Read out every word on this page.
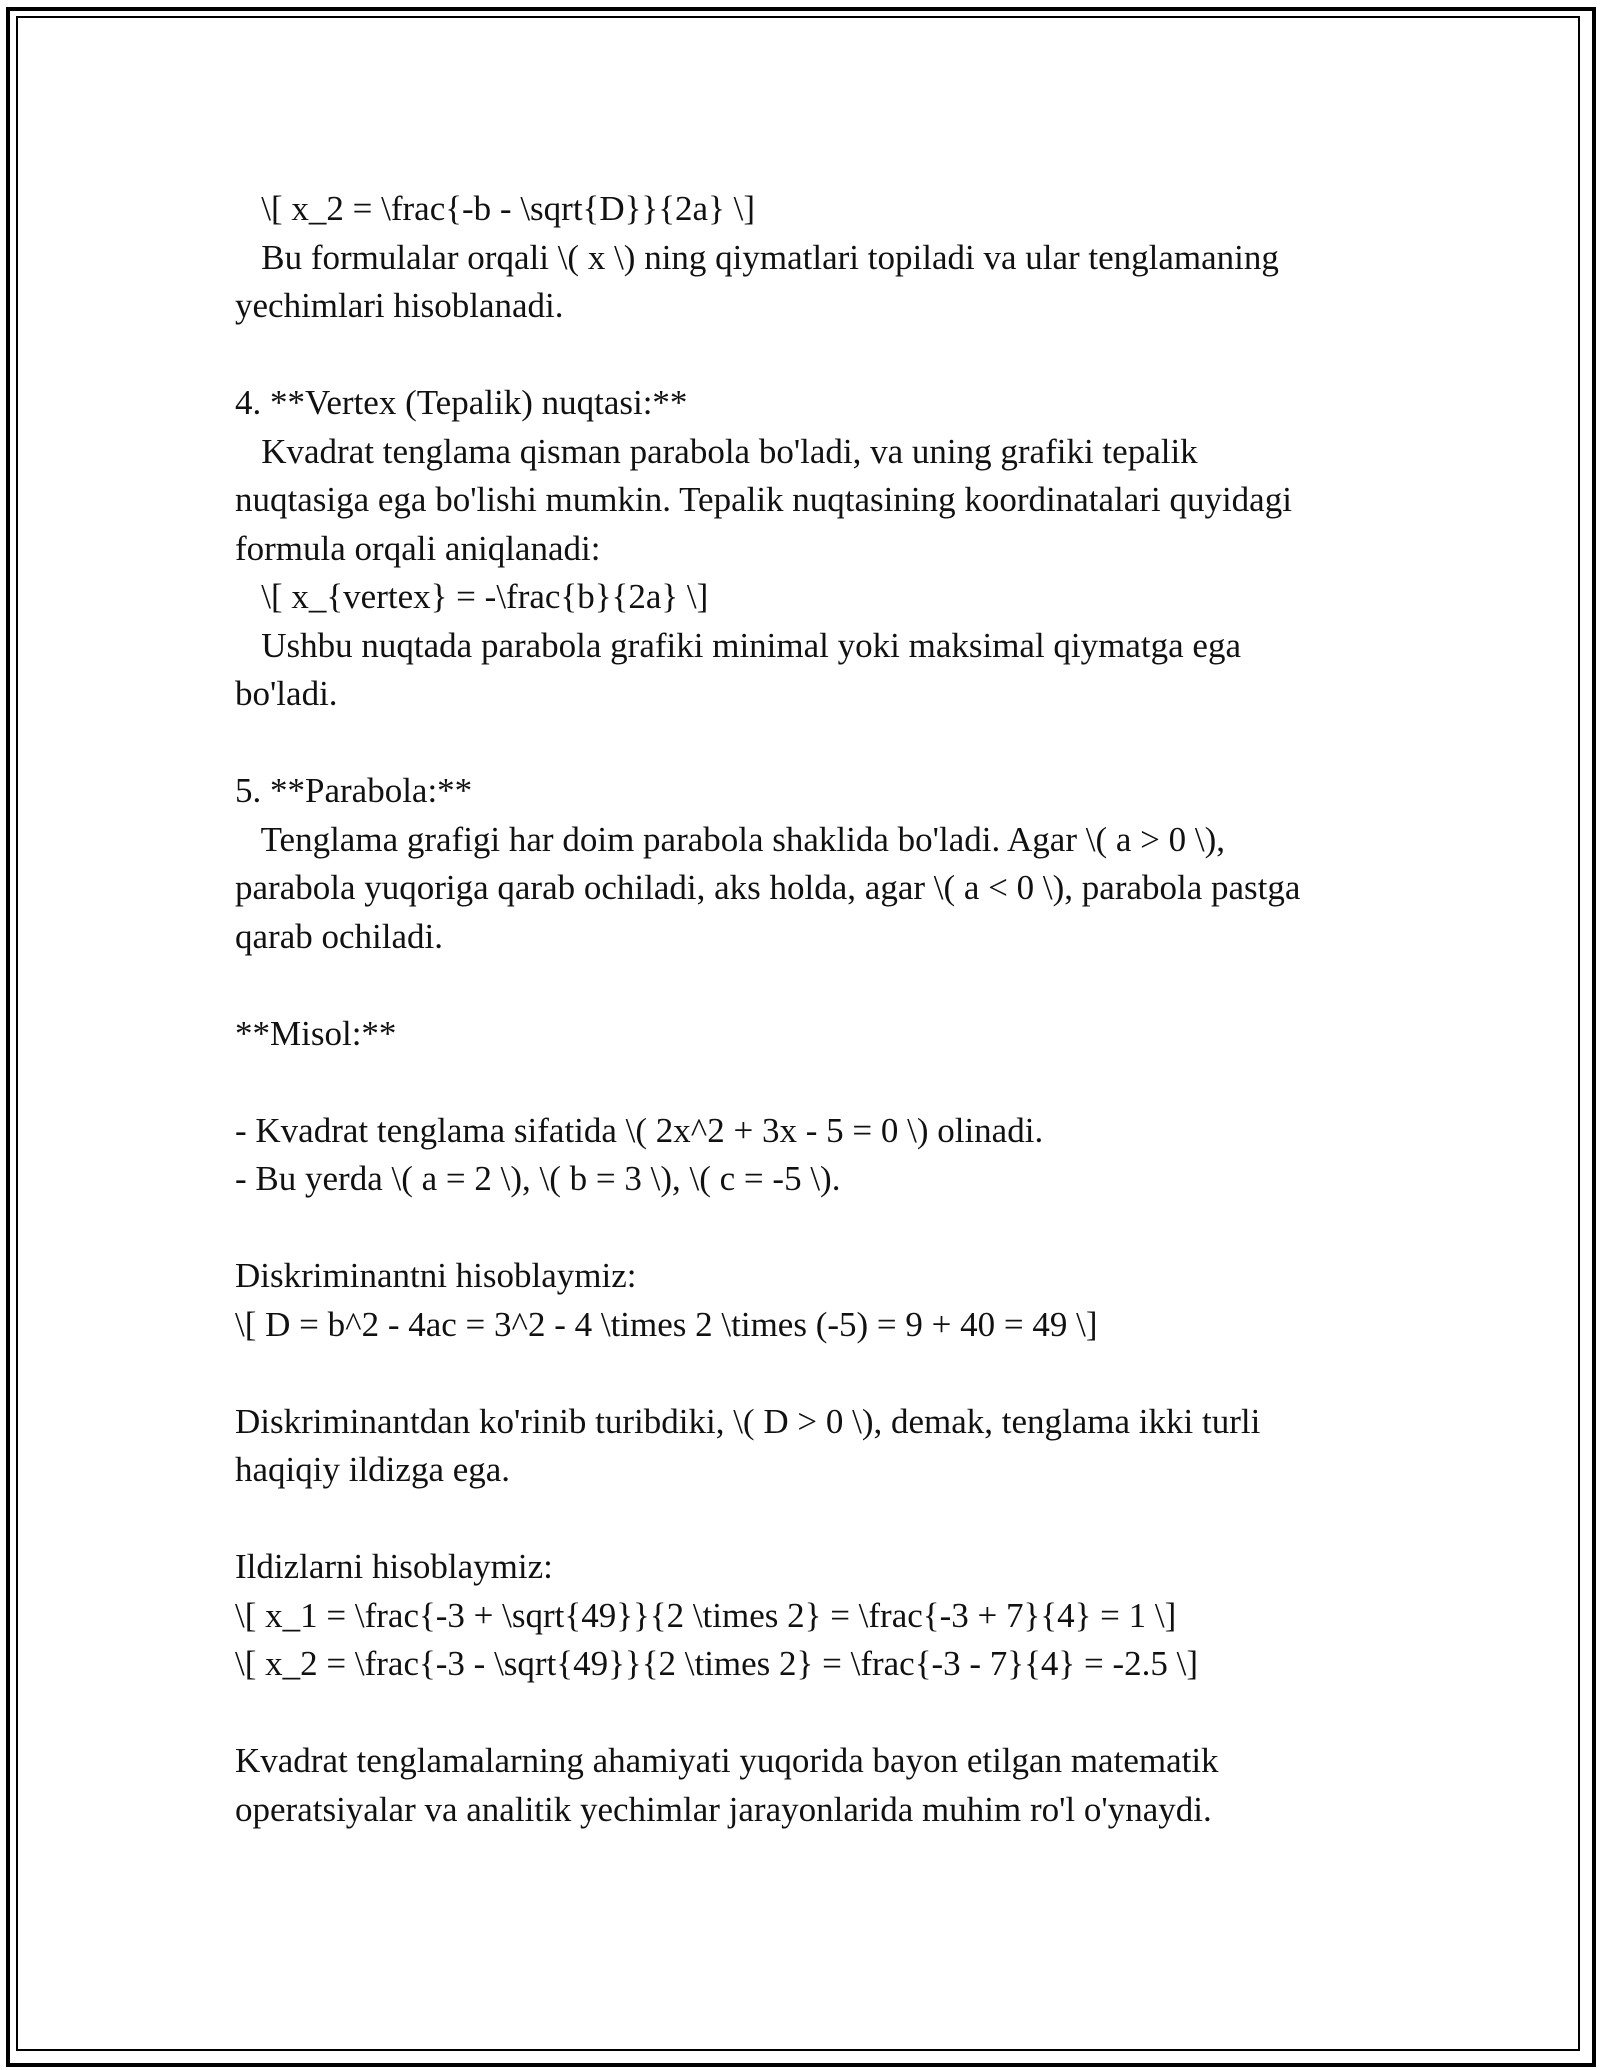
\[ x_2 = \frac{-b - \sqrt{D}}{2a} \]
Bu formulalar orqali \( x \) ning qiymatlari topiladi va ular tenglamaning
yechimlari hisoblanadi.
4. **Vertex (Tepalik) nuqtasi:**
Kvadrat tenglama qisman parabola bo'ladi, va uning grafiki tepalik
nuqtasiga ega bo'lishi mumkin. Tepalik nuqtasining koordinatalari quyidagi
formula orqali aniqlanadi:
\[ x_{vertex} = -\frac{b}{2a} \]
Ushbu nuqtada parabola grafiki minimal yoki maksimal qiymatga ega
bo'ladi.
5. **Parabola:**
Tenglama grafigi har doim parabola shaklida bo'ladi. Agar \( a > 0 \),
parabola yuqoriga qarab ochiladi, aks holda, agar \( a < 0 \), parabola pastga
qarab ochiladi.
**Misol:**
- Kvadrat tenglama sifatida \( 2x^2 + 3x - 5 = 0 \) olinadi.
- Bu yerda \( a = 2 \), \( b = 3 \), \( c = -5 \).
Diskriminantni hisoblaymiz:
\[ D = b^2 - 4ac = 3^2 - 4 \times 2 \times (-5) = 9 + 40 = 49 \]
Diskriminantdan ko'rinib turibdiki, \( D > 0 \), demak, tenglama ikki turli
haqiqiy ildizga ega.
Ildizlarni hisoblaymiz:
\[ x_1 = \frac{-3 + \sqrt{49}}{2 \times 2} = \frac{-3 + 7}{4} = 1 \]
\[ x_2 = \frac{-3 - \sqrt{49}}{2 \times 2} = \frac{-3 - 7}{4} = -2.5 \]
Kvadrat tenglamalarning ahamiyati yuqorida bayon etilgan matematik
operatsiyalar va analitik yechimlar jarayonlarida muhim ro'l o'ynaydi.
